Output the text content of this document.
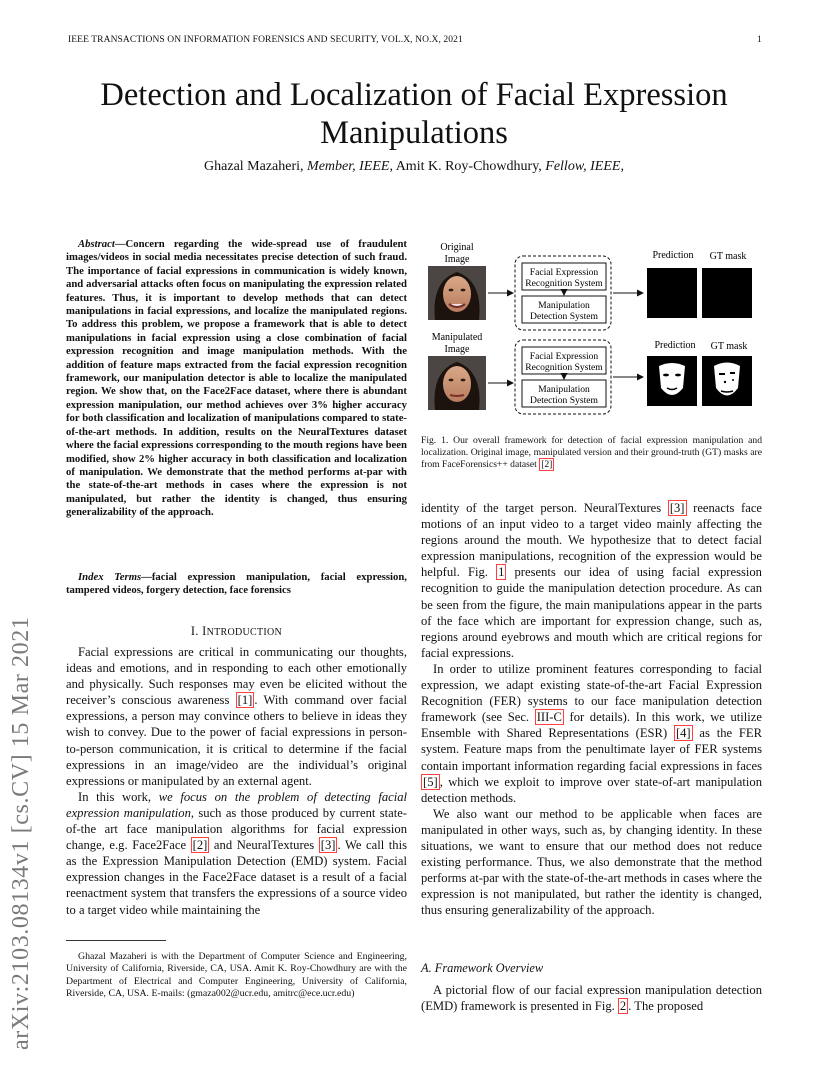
IEEE TRANSACTIONS ON INFORMATION FORENSICS AND SECURITY, VOL.X, NO.X, 2021	1
arXiv:2103.08134v1 [cs.CV] 15 Mar 2021
Detection and Localization of Facial Expression Manipulations
Ghazal Mazaheri, Member, IEEE, Amit K. Roy-Chowdhury, Fellow, IEEE,
Abstract—Concern regarding the wide-spread use of fraudulent images/videos in social media necessitates precise detection of such fraud. The importance of facial expressions in communication is widely known, and adversarial attacks often focus on manipulating the expression related features. Thus, it is important to develop methods that can detect manipulations in facial expressions, and localize the manipulated regions. To address this problem, we propose a framework that is able to detect manipulations in facial expression using a close combination of facial expression recognition and image manipulation methods. With the addition of feature maps extracted from the facial expression recognition framework, our manipulation detector is able to localize the manipulated region. We show that, on the Face2Face dataset, where there is abundant expression manipulation, our method achieves over 3% higher accuracy for both classification and localization of manipulations compared to state-of-the-art methods. In addition, results on the NeuralTextures dataset where the facial expressions corresponding to the mouth regions have been modified, show 2% higher accuracy in both classification and localization of manipulation. We demonstrate that the method performs at-par with the state-of-the-art methods in cases where the expression is not manipulated, but rather the identity is changed, thus ensuring generalizability of the approach.
Index Terms—facial expression manipulation, facial expression, tampered videos, forgery detection, face forensics
I. INTRODUCTION

Facial expressions are critical in communicating our thoughts, ideas and emotions, and in responding to each other emotionally and physically. Such responses may even be elicited without the receiver’s conscious awareness [1] . With command over facial expressions, a person may convince others to believe in ideas they wish to convey. Due to the power of facial expressions in person-to-person communication, it is critical to determine if the facial expressions in an image/video are the individual’s original expressions or manipulated by an external agent.

In this work, we focus on the problem of detecting facial expression manipulation, such as those produced by current state-of-the art face manipulation algorithms for facial expression change, e.g. Face2Face [2] and NeuralTextures [3] . We call this as the Expression Manipulation Detection (EMD) system. Facial expression changes in the Face2Face dataset is a result of a facial reenactment system that transfers the expressions of a source video to a target video while maintaining the

Ghazal Mazaheri is with the Department of Computer Science and Engineering, University of California, Riverside, CA, USA. Amit K. Roy-Chowdhury are with the Department of Electrical and Computer Engineering, University of California, Riverside, CA, USA. E-mails: (gmaza002@ucr.edu, amitrc@ece.ucr.edu)
Original
Image
Manipulated
Image
Facial Expression
Recognition System
Manipulation
Detection System
Facial Expression
Recognition System
Manipulation
Detection System
Prediction GT mask
Prediction GT mask
Fig. 1. Our overall framework for detection of facial expression manipulation and localization. Original image, manipulated version and their ground-truth (GT) masks are from FaceForensics++ dataset [2]

identity of the target person. NeuralTextures [3] reenacts face motions of an input video to a target video mainly affecting the regions around the mouth. We hypothesize that to detect facial expression manipulations, recognition of the expression would be helpful. Fig. 1 presents our idea of using facial expression recognition to guide the manipulation detection procedure. As can be seen from the figure, the main manipulations appear in the parts of the face which are important for expression change, such as, regions around eyebrows and mouth which are critical regions for facial expressions.

In order to utilize prominent features corresponding to facial expression, we adapt existing state-of-the-art Facial Expression Recognition (FER) systems to our face manipulation detection framework (see Sec. III-C for details). In this work, we utilize Ensemble with Shared Representations (ESR) [4] as the FER system. Feature maps from the penultimate layer of FER systems contain important information regarding facial expressions in faces [5] , which we exploit to improve over state-of-art manipulation detection methods.

We also want our method to be applicable when faces are manipulated in other ways, such as, by changing identity. In these situations, we want to ensure that our method does not reduce existing performance. Thus, we also demonstrate that the method performs at-par with the state-of-the-art methods in cases where the expression is not manipulated, but rather the identity is changed, thus ensuring generalizability of the approach.

A. Framework Overview

A pictorial flow of our facial expression manipulation detection (EMD) framework is presented in Fig. 2 . The proposed
